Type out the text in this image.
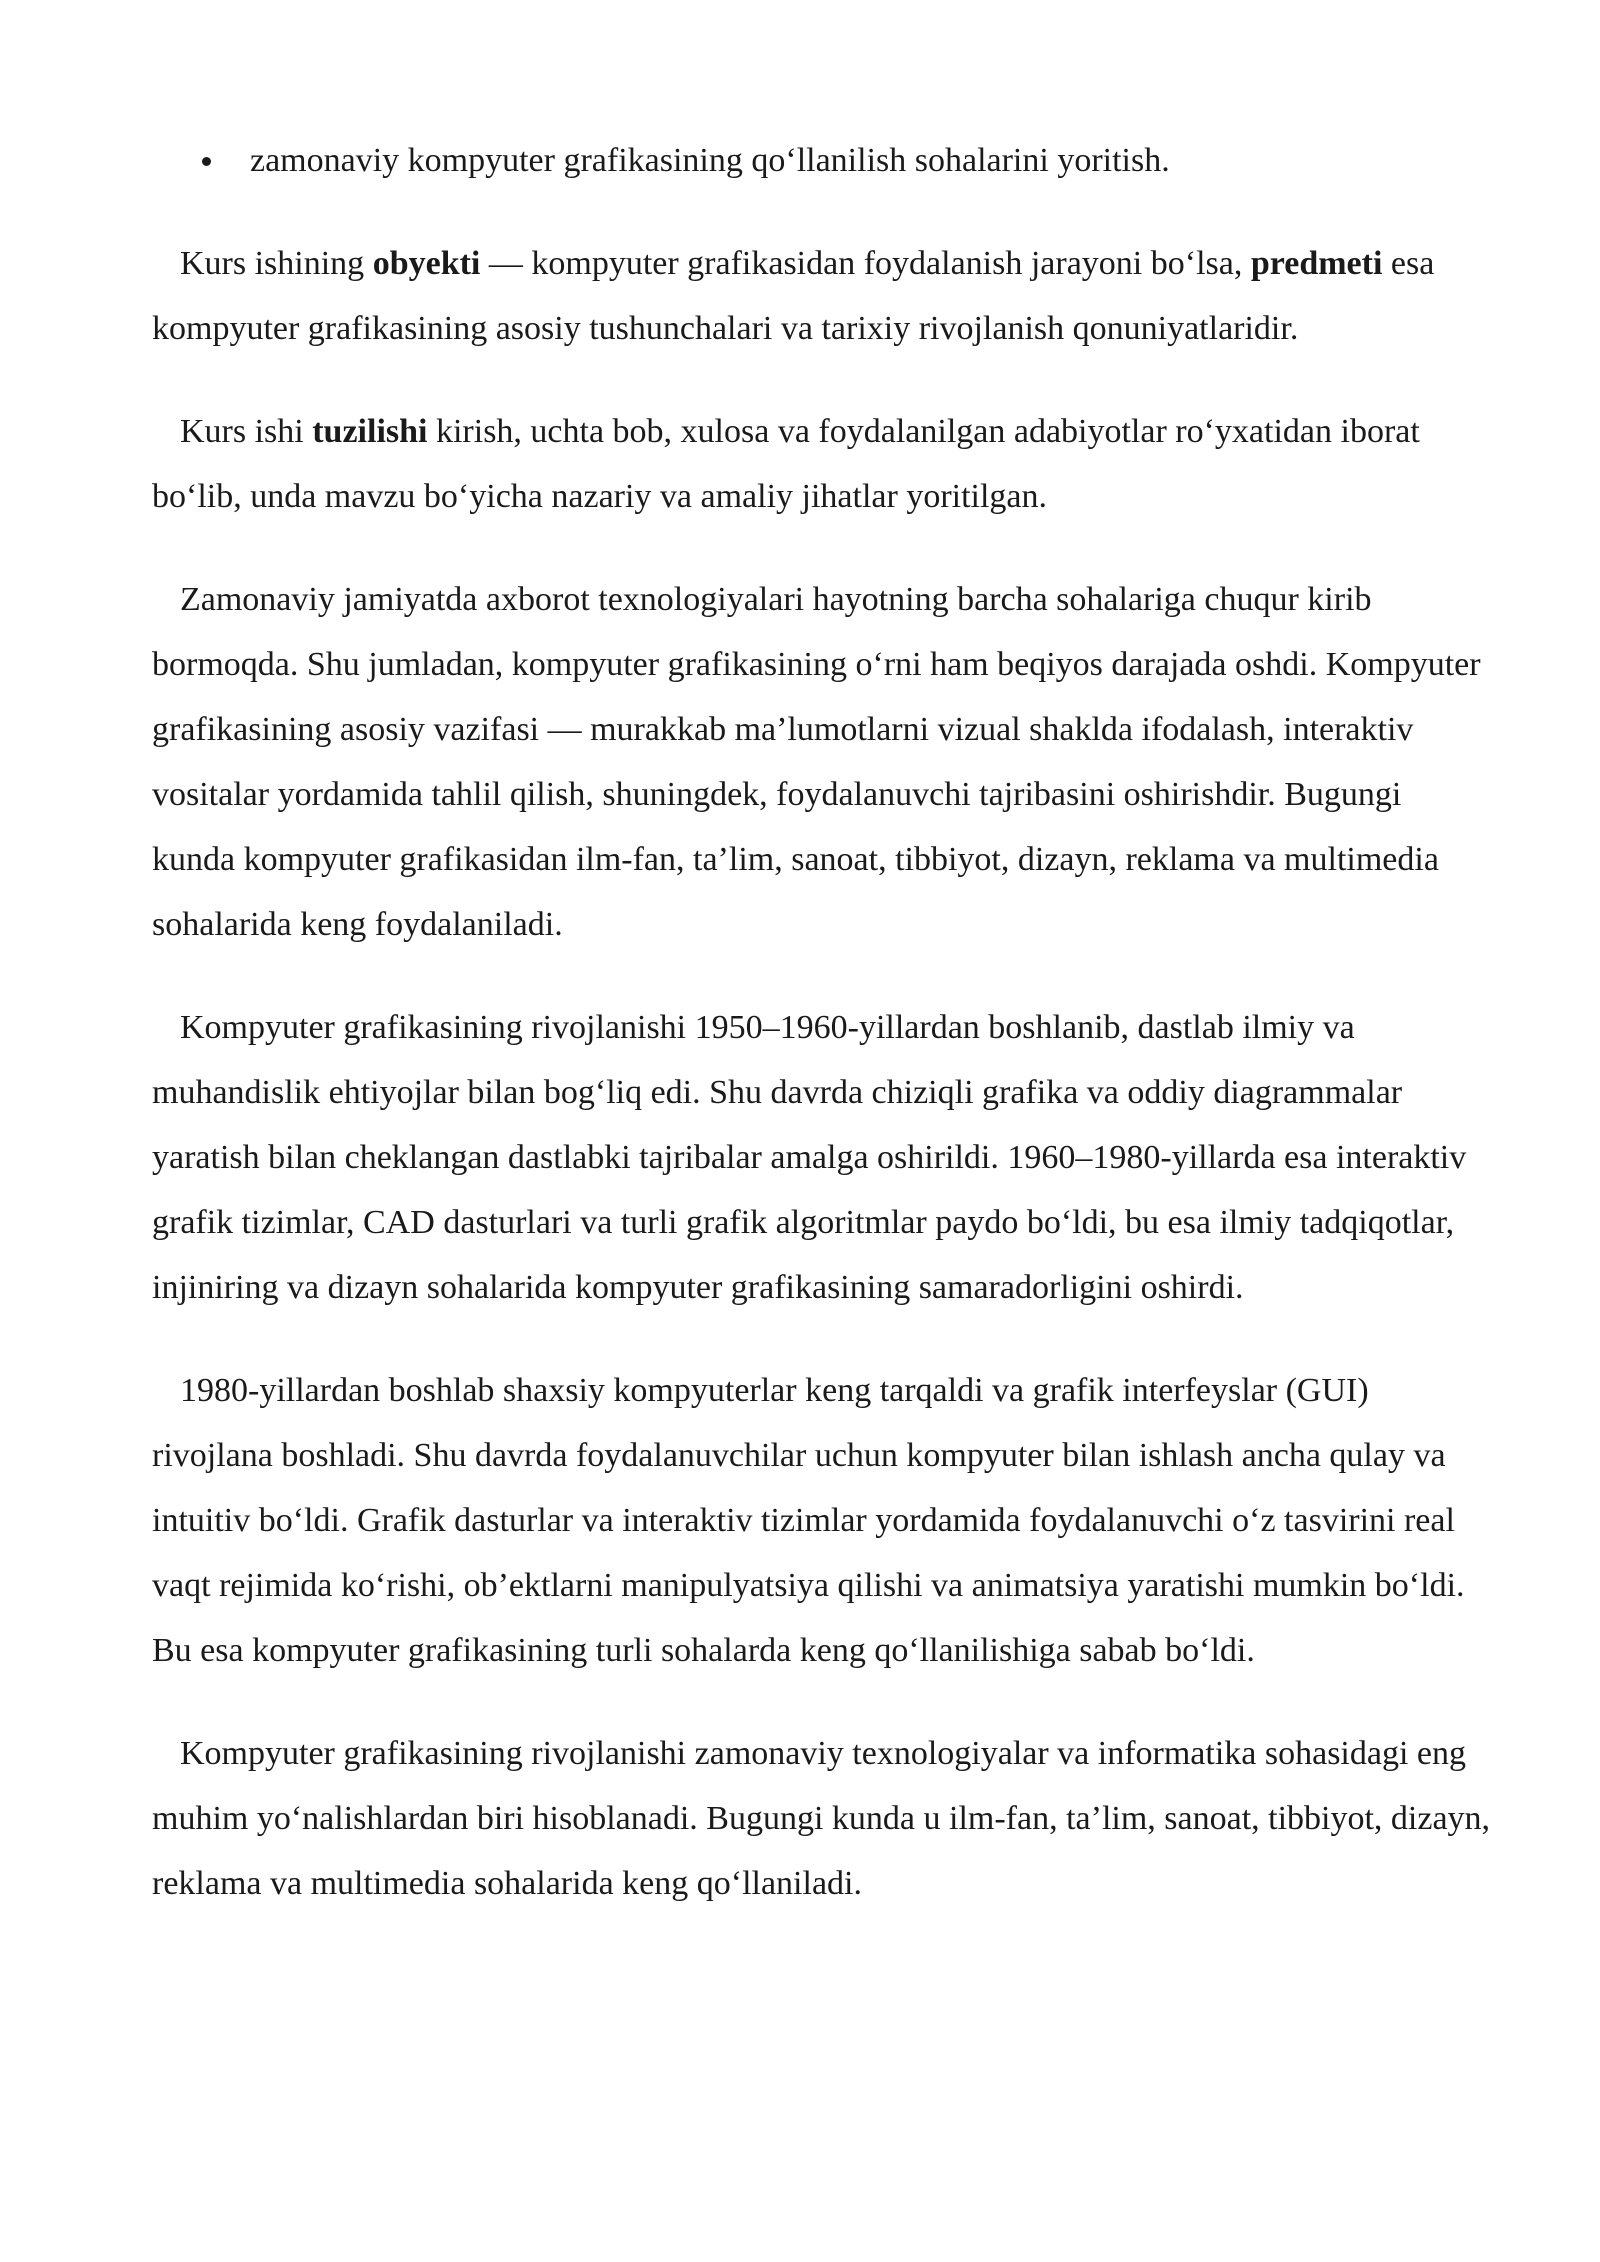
zamonaviy kompyuter grafikasining qo‘llanilish sohalarini yoritish.

Kurs ishining obyekti — kompyuter grafikasidan foydalanish jarayoni bo‘lsa, predmeti esa kompyuter grafikasining asosiy tushunchalari va tarixiy rivojlanish qonuniyatlaridir.

Kurs ishi tuzilishi kirish, uchta bob, xulosa va foydalanilgan adabiyotlar ro‘yxatidan iborat bo‘lib, unda mavzu bo‘yicha nazariy va amaliy jihatlar yoritilgan.

Zamonaviy jamiyatda axborot texnologiyalari hayotning barcha sohalariga chuqur kirib bormoqda. Shu jumladan, kompyuter grafikasining o‘rni ham beqiyos darajada oshdi. Kompyuter grafikasining asosiy vazifasi — murakkab ma’lumotlarni vizual shaklda ifodalash, interaktiv vositalar yordamida tahlil qilish, shuningdek, foydalanuvchi tajribasini oshirishdir. Bugungi kunda kompyuter grafikasidan ilm-fan, ta’lim, sanoat, tibbiyot, dizayn, reklama va multimedia sohalarida keng foydalaniladi.

Kompyuter grafikasining rivojlanishi 1950–1960-yillardan boshlanib, dastlab ilmiy va muhandislik ehtiyojlar bilan bog‘liq edi. Shu davrda chiziqli grafika va oddiy diagrammalar yaratish bilan cheklangan dastlabki tajribalar amalga oshirildi. 1960–1980-yillarda esa interaktiv grafik tizimlar, CAD dasturlari va turli grafik algoritmlar paydo bo‘ldi, bu esa ilmiy tadqiqotlar, injiniring va dizayn sohalarida kompyuter grafikasining samaradorligini oshirdi.

1980-yillardan boshlab shaxsiy kompyuterlar keng tarqaldi va grafik interfeyslar (GUI) rivojlana boshladi. Shu davrda foydalanuvchilar uchun kompyuter bilan ishlash ancha qulay va intuitiv bo‘ldi. Grafik dasturlar va interaktiv tizimlar yordamida foydalanuvchi o‘z tasvirini real vaqt rejimida ko‘rishi, ob’ektlarni manipulyatsiya qilishi va animatsiya yaratishi mumkin bo‘ldi. Bu esa kompyuter grafikasining turli sohalarda keng qo‘llanilishiga sabab bo‘ldi.

Kompyuter grafikasining rivojlanishi zamonaviy texnologiyalar va informatika sohasidagi eng muhim yo‘nalishlardan biri hisoblanadi. Bugungi kunda u ilm-fan, ta’lim, sanoat, tibbiyot, dizayn, reklama va multimedia sohalarida keng qo‘llaniladi.
